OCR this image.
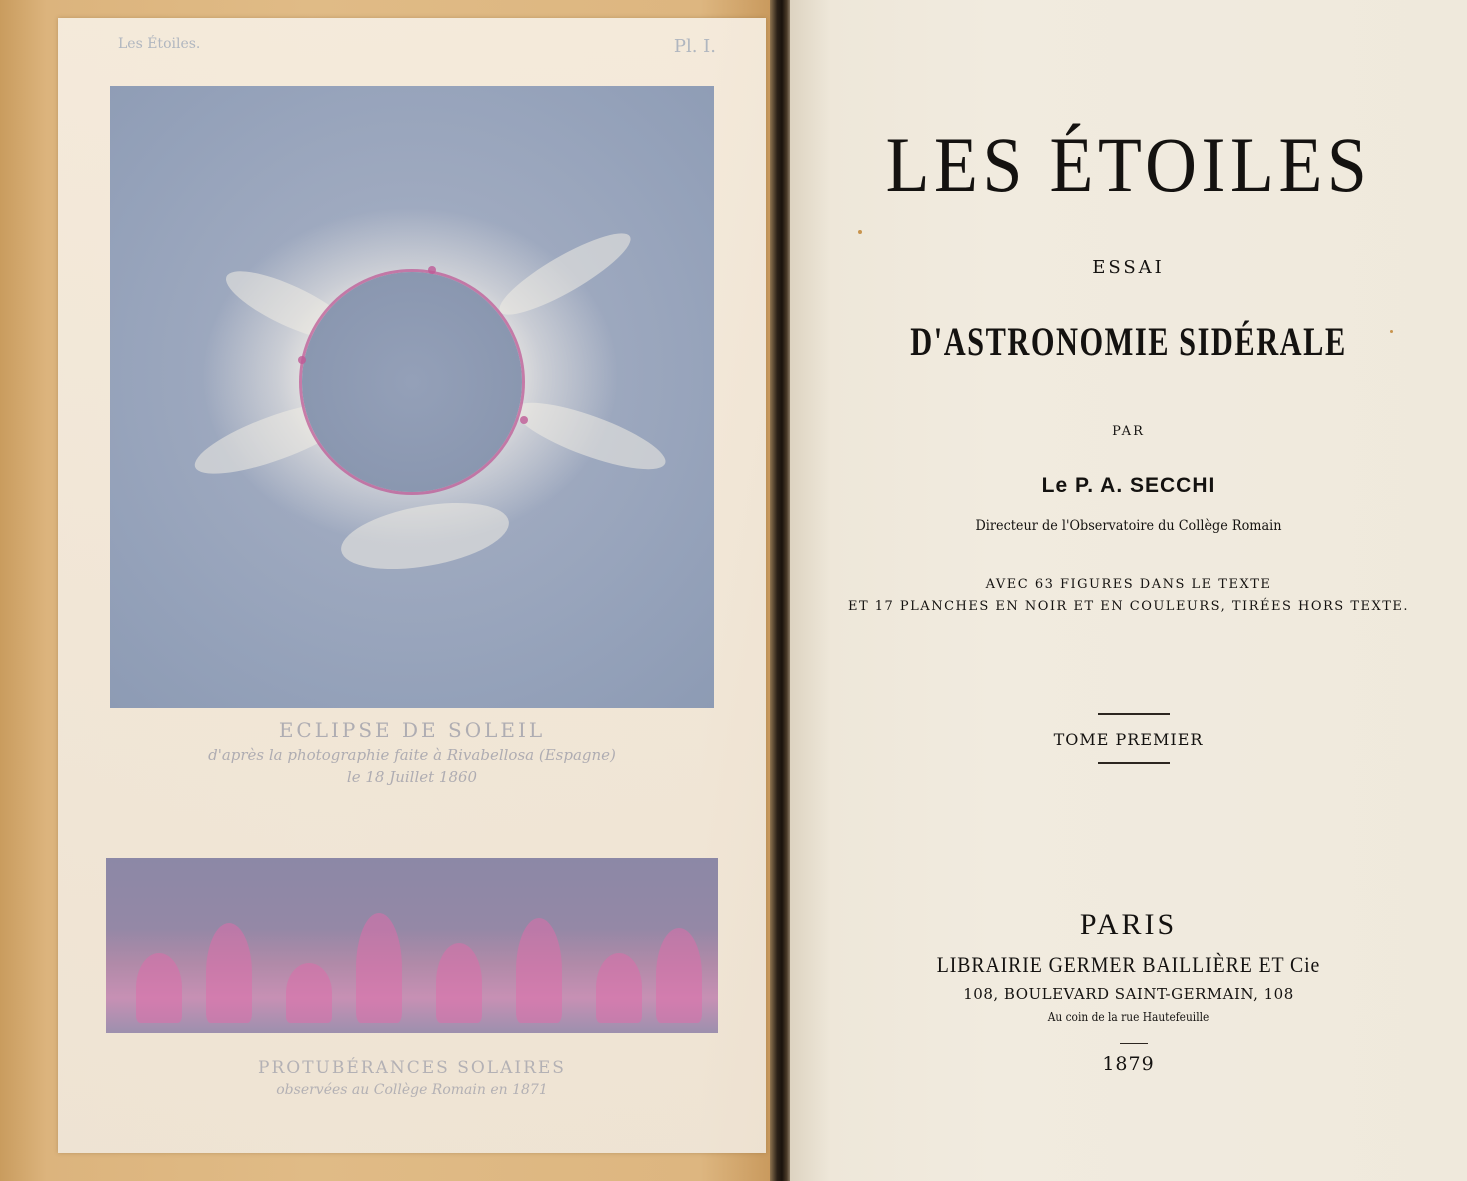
Les Étoiles.	Pl. I.
ECLIPSE DE SOLEIL
d'après la photographie faite à Rivabellosa (Espagne)
le 18 Juillet 1860
PROTUBÉRANCES SOLAIRES
observées au Collège Romain en 1871
LES ÉTOILES
ESSAI
D'ASTRONOMIE SIDÉRALE
PAR
Le P. A. SECCHI
Directeur de l'Observatoire du Collège Romain
AVEC 63 FIGURES DANS LE TEXTE
ET 17 PLANCHES EN NOIR ET EN COULEURS, TIRÉES HORS TEXTE.
TOME PREMIER
PARIS
LIBRAIRIE GERMER BAILLIÈRE ET Cie
108, BOULEVARD SAINT-GERMAIN, 108
Au coin de la rue Hautefeuille
1879
